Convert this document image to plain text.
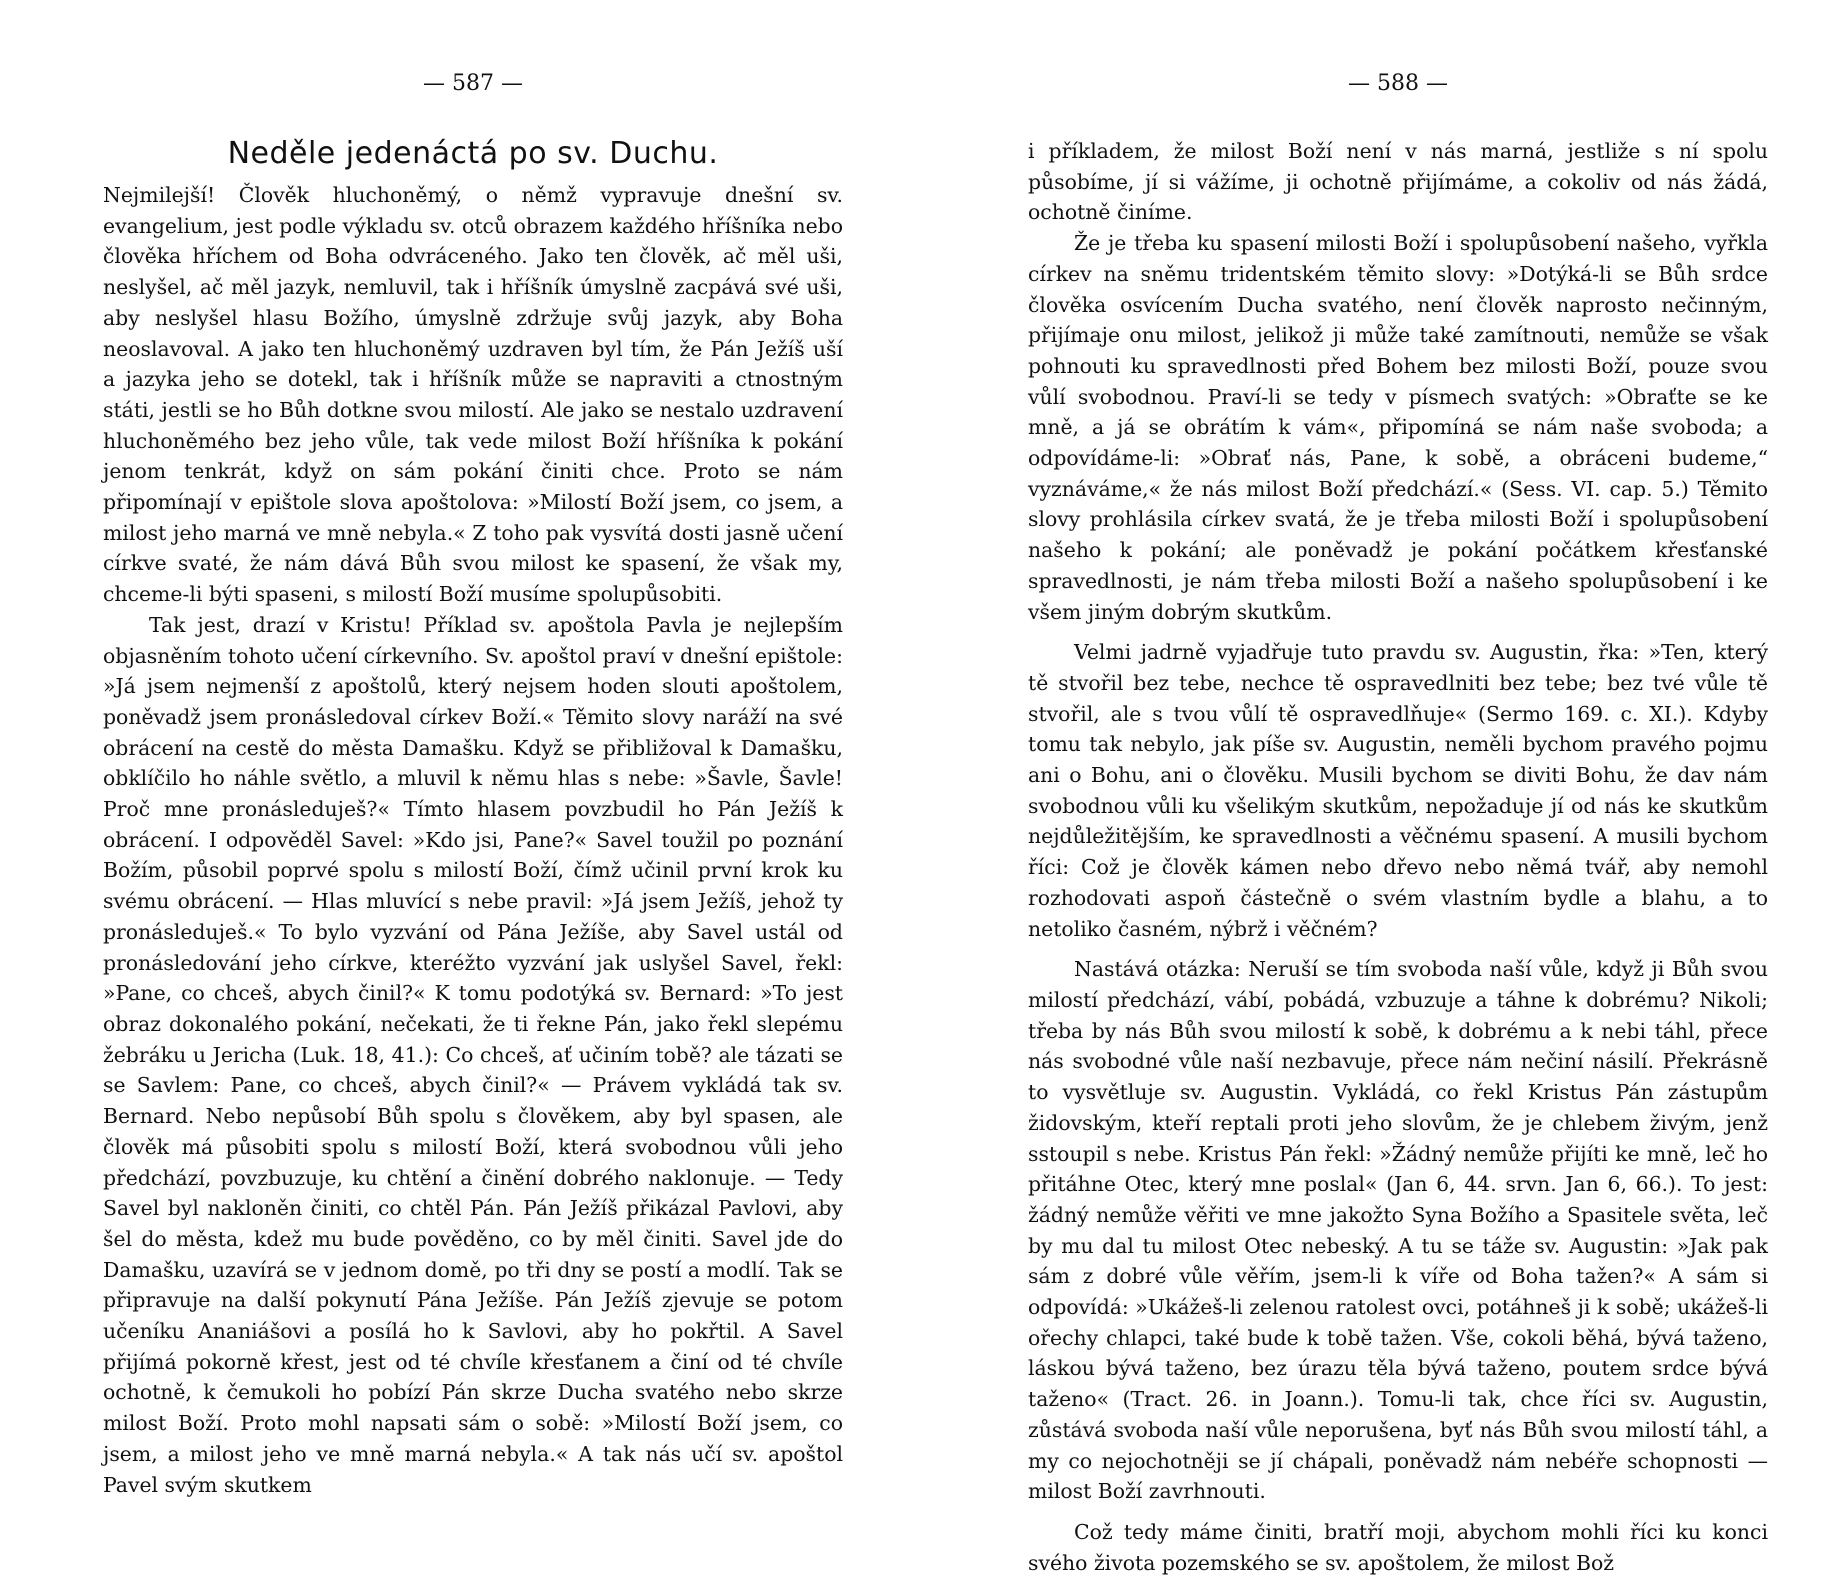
— 587 —
Neděle jedenáctá po sv. Duchu.

Nejmilejší! Člověk hluchoněmý, o němž vypravuje dnešní sv. evangelium, jest podle výkladu sv. otců obrazem každého hříšníka nebo člověka hříchem od Boha odvráceného. Jako ten člověk, ač měl uši, neslyšel, ač měl jazyk, nemluvil, tak i hříšník úmyslně zacpává své uši, aby neslyšel hlasu Božího, úmyslně zdržuje svůj jazyk, aby Boha neoslavoval. A jako ten hluchoněmý uzdraven byl tím, že Pán Ježíš uší a jazyka jeho se dotekl, tak i hříšník může se napraviti a ctnostným státi, jestli se ho Bůh dotkne svou milostí. Ale jako se nestalo uzdravení hluchoněmého bez jeho vůle, tak vede milost Boží hříšníka k pokání jenom tenkrát, když on sám pokání činiti chce. Proto se nám připomínají v epištole slova apoštolova: »Milostí Boží jsem, co jsem, a milost jeho marná ve mně nebyla.« Z toho pak vysvítá dosti jasně učení církve svaté, že nám dává Bůh svou milost ke spasení, že však my, chceme-li býti spaseni, s milostí Boží musíme spolupůsobiti.

Tak jest, drazí v Kristu! Příklad sv. apoštola Pavla je nejlepším objasněním tohoto učení církevního. Sv. apoštol praví v dnešní epištole: »Já jsem nejmenší z apoštolů, který nejsem hoden slouti apoštolem, poněvadž jsem pronásledoval církev Boží.« Těmito slovy naráží na své obrácení na cestě do města Damašku. Když se přibližoval k Damašku, obklíčilo ho náhle světlo, a mluvil k němu hlas s nebe: »Šavle, Šavle! Proč mne pronásleduješ?« Tímto hlasem povzbudil ho Pán Ježíš k obrácení. I odpověděl Savel: »Kdo jsi, Pane?« Savel toužil po poznání Božím, působil poprvé spolu s milostí Boží, čímž učinil první krok ku svému obrácení. — Hlas mluvící s nebe pravil: »Já jsem Ježíš, jehož ty pronásleduješ.« To bylo vyzvání od Pána Ježíše, aby Savel ustál od pronásledování jeho církve, kteréžto vyzvání jak uslyšel Savel, řekl: »Pane, co chceš, abych činil?« K tomu podotýká sv. Bernard: »To jest obraz dokonalého pokání, nečekati, že ti řekne Pán, jako řekl slepému žebráku u Jericha (Luk. 18, 41.): Co chceš, ať učiním tobě? ale tázati se se Savlem: Pane, co chceš, abych činil?« — Právem vykládá tak sv. Bernard. Nebo nepůsobí Bůh spolu s člověkem, aby byl spasen, ale člověk má působiti spolu s milostí Boží, která svobodnou vůli jeho předchází, povzbuzuje, ku chtění a činění dobrého naklonuje. — Tedy Savel byl nakloněn činiti, co chtěl Pán. Pán Ježíš přikázal Pavlovi, aby šel do města, kdež mu bude pověděno, co by měl činiti. Savel jde do Damašku, uzavírá se v jednom domě, po tři dny se postí a modlí. Tak se připravuje na další pokynutí Pána Ježíše. Pán Ježíš zjevuje se potom učeníku Ananiášovi a posílá ho k Savlovi, aby ho pokřtil. A Savel přijímá pokorně křest, jest od té chvíle křesťanem a činí od té chvíle ochotně, k čemukoli ho pobízí Pán skrze Ducha svatého nebo skrze milost Boží. Proto mohl napsati sám o sobě: »Milostí Boží jsem, co jsem, a milost jeho ve mně marná nebyla.« A tak nás učí sv. apoštol Pavel svým skutkem

— 588 —

i příkladem, že milost Boží není v nás marná, jestliže s ní spolu působíme, jí si vážíme, ji ochotně přijímáme, a cokoliv od nás žádá, ochotně činíme.

Že je třeba ku spasení milosti Boží i spolupůsobení našeho, vyřkla církev na sněmu tridentském těmito slovy: »Dotýká-li se Bůh srdce člověka osvícením Ducha svatého, není člověk naprosto nečinným, přijímaje onu milost, jelikož ji může také zamítnouti, nemůže se však pohnouti ku spravedlnosti před Bohem bez milosti Boží, pouze svou vůlí svobodnou. Praví-li se tedy v písmech svatých: »Obraťte se ke mně, a já se obrátím k vám«, připomíná se nám naše svoboda; a odpovídáme-li: »Obrať nás, Pane, k sobě, a obráceni budeme,“ vyznáváme,« že nás milost Boží předchází.« (Sess. VI. cap. 5.) Těmito slovy prohlásila církev svatá, že je třeba milosti Boží i spolupůsobení našeho k pokání; ale poněvadž je pokání počátkem křesťanské spravedlnosti, je nám třeba milosti Boží a našeho spolupůsobení i ke všem jiným dobrým skutkům.

Velmi jadrně vyjadřuje tuto pravdu sv. Augustin, řka: »Ten, který tě stvořil bez tebe, nechce tě ospravedlniti bez tebe; bez tvé vůle tě stvořil, ale s tvou vůlí tě ospravedlňuje« (Sermo 169. c. XI.). Kdyby tomu tak nebylo, jak píše sv. Augustin, neměli bychom pravého pojmu ani o Bohu, ani o člověku. Musili bychom se diviti Bohu, že dav nám svobodnou vůli ku všelikým skutkům, nepožaduje jí od nás ke skutkům nejdůležitějším, ke spravedlnosti a věčnému spasení. A musili bychom říci: Což je člověk kámen nebo dřevo nebo němá tvář, aby nemohl rozhodovati aspoň částečně o svém vlastním bydle a blahu, a to netoliko časném, nýbrž i věčném?

Nastává otázka: Neruší se tím svoboda naší vůle, když ji Bůh svou milostí předchází, vábí, pobádá, vzbuzuje a táhne k dobrému? Nikoli; třeba by nás Bůh svou milostí k sobě, k dobrému a k nebi táhl, přece nás svobodné vůle naší nezbavuje, přece nám nečiní násilí. Překrásně to vysvětluje sv. Augustin. Vykládá, co řekl Kristus Pán zástupům židovským, kteří reptali proti jeho slovům, že je chlebem živým, jenž sstoupil s nebe. Kristus Pán řekl: »Žádný nemůže přijíti ke mně, leč ho přitáhne Otec, který mne poslal« (Jan 6, 44. srvn. Jan 6, 66.). To jest: žádný nemůže věřiti ve mne jakožto Syna Božího a Spasitele světa, leč by mu dal tu milost Otec nebeský. A tu se táže sv. Augustin: »Jak pak sám z dobré vůle věřím, jsem-li k víře od Boha tažen?« A sám si odpovídá: »Ukážeš-li zelenou ratolest ovci, potáhneš ji k sobě; ukážeš-li ořechy chlapci, také bude k tobě tažen. Vše, cokoli běhá, bývá taženo, láskou bývá taženo, bez úrazu těla bývá taženo, poutem srdce bývá taženo« (Tract. 26. in Joann.). Tomu-li tak, chce říci sv. Augustin, zůstává svoboda naší vůle neporušena, byť nás Bůh svou milostí táhl, a my co nejochotněji se jí chápali, poněvadž nám nebéře schopnosti — milost Boží zavrhnouti.

Což tedy máme činiti, bratří moji, abychom mohli říci ku konci svého života pozemského se sv. apoštolem, že milost Bož
